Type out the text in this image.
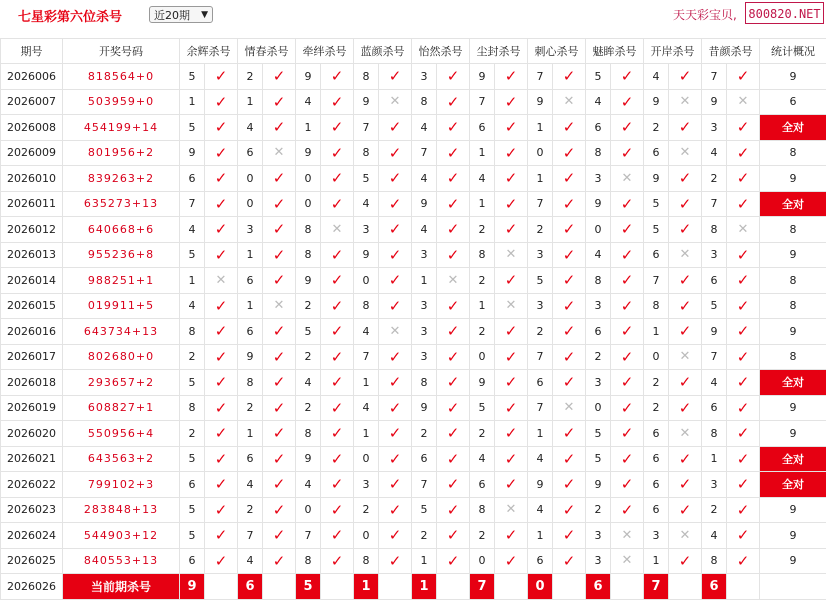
七星彩第六位杀号	近20期 ▼	天天彩宝贝, 800820.NET
期号	开奖号码	余辉杀号		情春杀号		牵绊杀号		蓝颜杀号		怡然杀号		尘封杀号		刺心杀号		魅眸杀号		开岸杀号		昔颜杀号		统计概况
2026006	818564+0	5	✓	2	✓	9	✓	8	✓	3	✓	9	✓	7	✓	5	✓	4	✓	7	✓	9
2026007	503959+0	1	✓	1	✓	4	✓	9	✕	8	✓	7	✓	9	✕	4	✓	9	✕	9	✕	6
2026008	454199+14	5	✓	4	✓	1	✓	7	✓	4	✓	6	✓	1	✓	6	✓	2	✓	3	✓	全对
2026009	801956+2	9	✓	6	✕	9	✓	8	✓	7	✓	1	✓	0	✓	8	✓	6	✕	4	✓	8
2026010	839263+2	6	✓	0	✓	0	✓	5	✓	4	✓	4	✓	1	✓	3	✕	9	✓	2	✓	9
2026011	635273+13	7	✓	0	✓	0	✓	4	✓	9	✓	1	✓	7	✓	9	✓	5	✓	7	✓	全对
2026012	640668+6	4	✓	3	✓	8	✕	3	✓	4	✓	2	✓	2	✓	0	✓	5	✓	8	✕	8
2026013	955236+8	5	✓	1	✓	8	✓	9	✓	3	✓	8	✕	3	✓	4	✓	6	✕	3	✓	9
2026014	988251+1	1	✕	6	✓	9	✓	0	✓	1	✕	2	✓	5	✓	8	✓	7	✓	6	✓	8
2026015	019911+5	4	✓	1	✕	2	✓	8	✓	3	✓	1	✕	3	✓	3	✓	8	✓	5	✓	8
2026016	643734+13	8	✓	6	✓	5	✓	4	✕	3	✓	2	✓	2	✓	6	✓	1	✓	9	✓	9
2026017	802680+0	2	✓	9	✓	2	✓	7	✓	3	✓	0	✓	7	✓	2	✓	0	✕	7	✓	8
2026018	293657+2	5	✓	8	✓	4	✓	1	✓	8	✓	9	✓	6	✓	3	✓	2	✓	4	✓	全对
2026019	608827+1	8	✓	2	✓	2	✓	4	✓	9	✓	5	✓	7	✕	0	✓	2	✓	6	✓	9
2026020	550956+4	2	✓	1	✓	8	✓	1	✓	2	✓	2	✓	1	✓	5	✓	6	✕	8	✓	9
2026021	643563+2	5	✓	6	✓	9	✓	0	✓	6	✓	4	✓	4	✓	5	✓	6	✓	1	✓	全对
2026022	799102+3	6	✓	4	✓	4	✓	3	✓	7	✓	6	✓	9	✓	9	✓	6	✓	3	✓	全对
2026023	283848+13	5	✓	2	✓	0	✓	2	✓	5	✓	8	✕	4	✓	2	✓	6	✓	2	✓	9
2026024	544903+12	5	✓	7	✓	7	✓	0	✓	2	✓	2	✓	1	✓	3	✕	3	✕	4	✓	9
2026025	840553+13	6	✓	4	✓	8	✓	8	✓	1	✓	0	✓	6	✓	3	✕	1	✓	8	✓	9
2026026	当前期杀号	9		6		5		1		1		7		0		6		7		6		
